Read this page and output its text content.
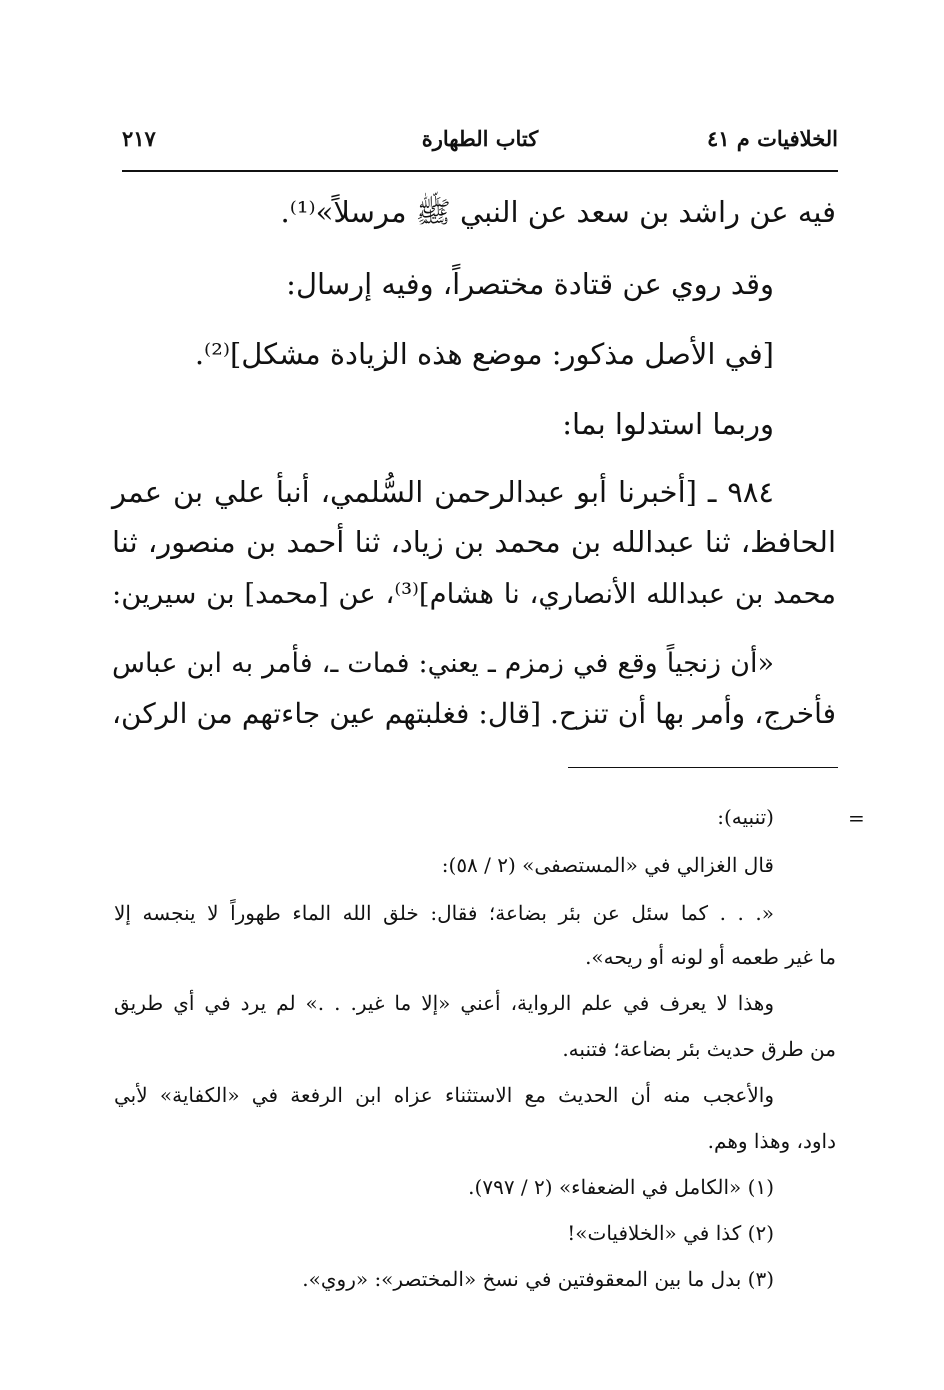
الخلافيات م ٤١
كتاب الطهارة
٢١٧
فيه عن راشد بن سعد عن النبي ﷺ مرسلاً»⁽¹⁾.
وقد روي عن قتادة مختصراً، وفيه إرسال:
[في الأصل مذكور: موضع هذه الزيادة مشكل]⁽²⁾.
وربما استدلوا بما:
٩٨٤ ـ [أخبرنا أبو عبدالرحمن السُّلمي، أنبأ علي بن عمر
الحافظ، ثنا عبدالله بن محمد بن زياد، ثنا أحمد بن منصور، ثنا
محمد بن عبدالله الأنصاري، نا هشام]⁽³⁾، عن [محمد] بن سيرين:
«أن زنجياً وقع في زمزم ـ يعني: فمات ـ، فأمر به ابن عباس
فأخرج، وأمر بها أن تنزح. [قال: فغلبتهم عين جاءتهم من الركن،
=
(تنبيه):
قال الغزالي في «المستصفى» (٢ / ٥٨):
«. . . كما سئل عن بئر بضاعة؛ فقال: خلق الله الماء طهوراً لا ينجسه إلا
ما غير طعمه أو لونه أو ريحه».
وهذا لا يعرف في علم الرواية، أعني «إلا ما غير. . .» لم يرد في أي طريق
من طرق حديث بئر بضاعة؛ فتنبه.
والأعجب منه أن الحديث مع الاستثناء عزاه ابن الرفعة في «الكفاية» لأبي
داود، وهذا وهم.
(١) «الكامل في الضعفاء» (٢ / ٧٩٧).
(٢) كذا في «الخلافيات»!
(٣) بدل ما بين المعقوفتين في نسخ «المختصر»: «روي».
